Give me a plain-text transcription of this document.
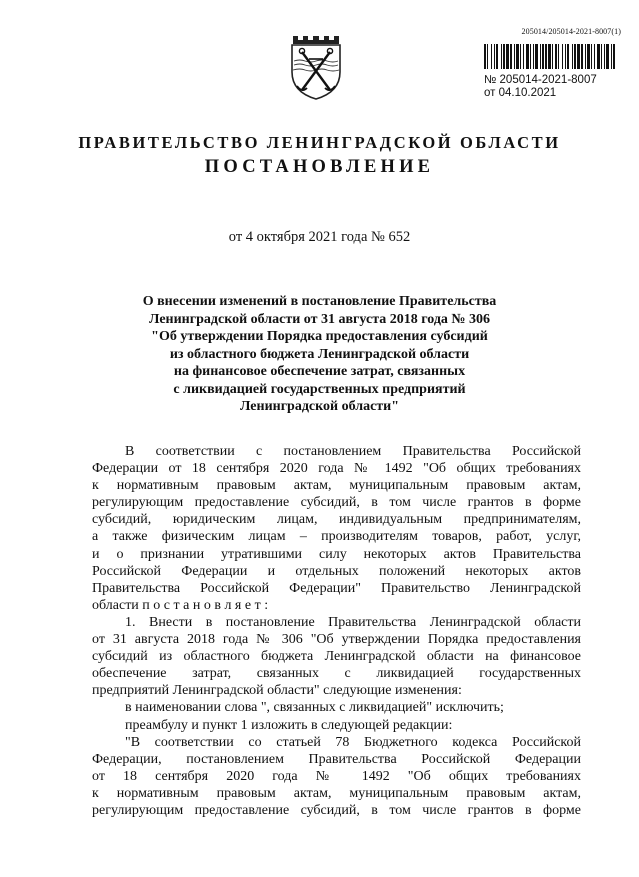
205014/205014-2021-8007(1)
№ 205014-2021-8007
от 04.10.2021
ПРАВИТЕЛЬСТВО ЛЕНИНГРАДСКОЙ ОБЛАСТИ
ПОСТАНОВЛЕНИЕ
от 4 октября 2021 года № 652
О внесении изменений в постановление Правительства
Ленинградской области от 31 августа 2018 года № 306
"Об утверждении Порядка предоставления субсидий
из областного бюджета Ленинградской области
на финансовое обеспечение затрат, связанных
с ликвидацией государственных предприятий
Ленинградской области"

В соответствии с постановлением Правительства Российской

Федерации от 18 сентября 2020 года № 1492 "Об общих требованиях

к нормативным правовым актам, муниципальным правовым актам,

регулирующим предоставление субсидий, в том числе грантов в форме

субсидий, юридическим лицам, индивидуальным предпринимателям,

а также физическим лицам – производителям товаров, работ, услуг,

и о признании утратившими силу некоторых актов Правительства

Российской Федерации и отдельных положений некоторых актов

Правительства Российской Федерации" Правительство Ленинградской

области п о с т а н о в л я е т :

1. Внести в постановление Правительства Ленинградской области

от 31 августа 2018 года № 306 "Об утверждении Порядка предоставления

субсидий из областного бюджета Ленинградской области на финансовое

обеспечение затрат, связанных с ликвидацией государственных

предприятий Ленинградской области" следующие изменения:

в наименовании слова ", связанных с ликвидацией" исключить;

преамбулу и пункт 1 изложить в следующей редакции:

"В соответствии со статьей 78 Бюджетного кодекса Российской

Федерации, постановлением Правительства Российской Федерации

от 18 сентября 2020 года № 1492 "Об общих требованиях

к нормативным правовым актам, муниципальным правовым актам,

регулирующим предоставление субсидий, в том числе грантов в форме
